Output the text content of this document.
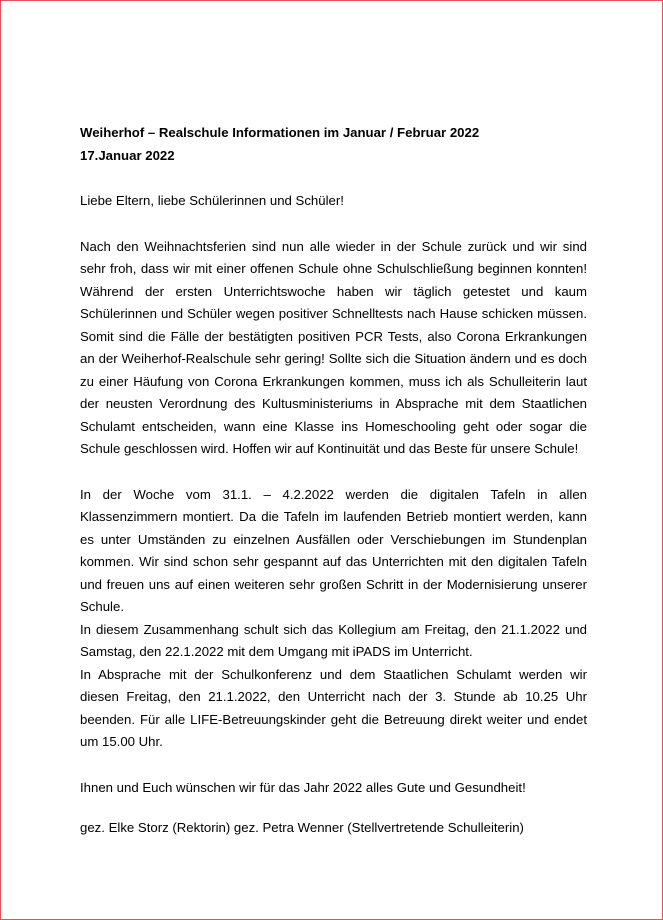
Weiherhof – Realschule Informationen im Januar / Februar 2022

17.Januar 2022

Liebe Eltern, liebe Schülerinnen und Schüler!

Nach den Weihnachtsferien sind nun alle wieder in der Schule zurück und wir sind sehr froh, dass wir mit einer offenen Schule ohne Schulschließung beginnen konnten! Während der ersten Unterrichtswoche haben wir täglich getestet und kaum Schülerinnen und Schüler wegen positiver Schnelltests nach Hause schicken müssen. Somit sind die Fälle der bestätigten positiven PCR Tests, also Corona Erkrankungen an der Weiherhof-Realschule sehr gering! Sollte sich die Situation ändern und es doch zu einer Häufung von Corona Erkrankungen kommen, muss ich als Schulleiterin laut der neusten Verordnung des Kultusministeriums in Absprache mit dem Staatlichen Schulamt entscheiden, wann eine Klasse ins Homeschooling geht oder sogar die Schule geschlossen wird. Hoffen wir auf Kontinuität und das Beste für unsere Schule!

In der Woche vom 31.1. – 4.2.2022 werden die digitalen Tafeln in allen Klassenzimmern montiert. Da die Tafeln im laufenden Betrieb montiert werden, kann es unter Umständen zu einzelnen Ausfällen oder Verschiebungen im Stundenplan kommen. Wir sind schon sehr gespannt auf das Unterrichten mit den digitalen Tafeln und freuen uns auf einen weiteren sehr großen Schritt in der Modernisierung unserer Schule.

In diesem Zusammenhang schult sich das Kollegium am Freitag, den 21.1.2022 und Samstag, den 22.1.2022 mit dem Umgang mit iPADS im Unterricht.

In Absprache mit der Schulkonferenz und dem Staatlichen Schulamt werden wir diesen Freitag, den 21.1.2022, den Unterricht nach der 3. Stunde ab 10.25 Uhr beenden. Für alle LIFE-Betreuungskinder geht die Betreuung direkt weiter und endet um 15.00 Uhr.

Ihnen und Euch wünschen wir für das Jahr 2022 alles Gute und Gesundheit!

gez. Elke Storz (Rektorin) gez. Petra Wenner (Stellvertretende Schulleiterin)
